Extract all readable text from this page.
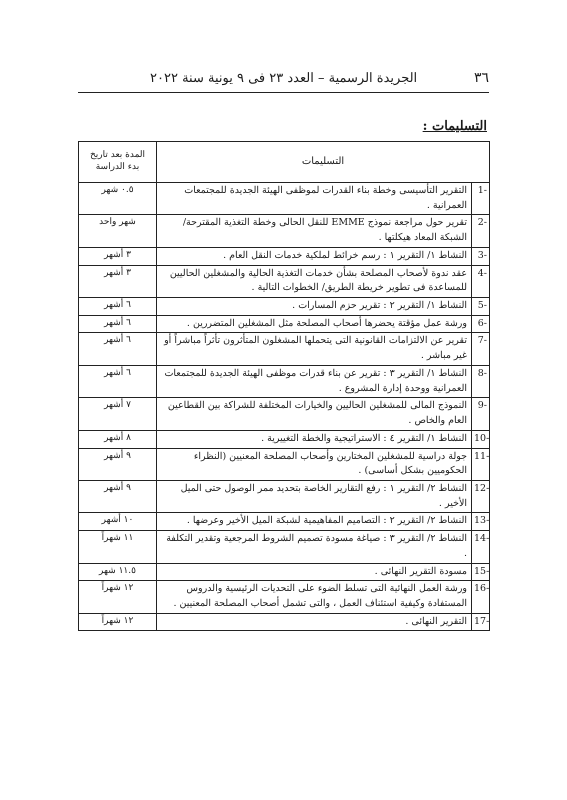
الجريدة الرسمية – العدد ٢٣ فى ٩ يونية سنة ٢٠٢٢	٣٦
التسليمات :
التسليمات		المدة بعد تاريخ بدء الدراسة
1-	التقرير التأسيسى وخطة بناء القدرات لموظفى الهيئة الجديدة للمجتمعات العمرانية .	٠.٥ شهر
2-	تقرير حول مراجعة نموذج EMME للنقل الحالى وخطة التغذية المقترحة/ الشبكة المعاد هيكلتها .	شهر واحد
3-	النشاط ١/ التقرير ١ : رسم خرائط لملكية خدمات النقل العام .	٣ أشهر
4-	عقد ندوة لأصحاب المصلحة بشأن خدمات التغذية الحالية والمشغلين الحاليين للمساعدة فى تطوير خريطة الطريق/ الخطوات التالية .	٣ أشهر
5-	النشاط ١/ التقرير ٢ : تقرير حزم المسارات .	٦ أشهر
6-	ورشة عمل مؤقتة يحضرها أصحاب المصلحة مثل المشغلين المتضررين .	٦ أشهر
7-	تقرير عن الالتزامات القانونية التى يتحملها المشغلون المتأثرون تأثراً مباشراً أو غير مباشر .	٦ أشهر
8-	النشاط ١/ التقرير ٣ : تقرير عن بناء قدرات موظفى الهيئة الجديدة للمجتمعات العمرانية ووحدة إدارة المشروع .	٦ أشهر
9-	النموذج المالى للمشغلين الحاليين والخيارات المختلفة للشراكة بين القطاعين العام والخاص .	٧ أشهر
10-	النشاط ١/ التقرير ٤ : الاستراتيجية والخطة التغييرية .	٨ أشهر
11-	جولة دراسية للمشغلين المختارين وأصحاب المصلحة المعنيين (النظراء الحكوميين بشكل أساسى) .	٩ أشهر
12-	النشاط ٢/ التقرير ١ : رفع التقارير الخاصة بتحديد ممر الوصول حتى الميل الأخير .	٩ أشهر
13-	النشاط ٢/ التقرير ٢ : التصاميم المفاهيمية لشبكة الميل الأخير وعرضها .	١٠ أشهر
14-	النشاط ٢/ التقرير ٣ : صياغة مسودة تصميم الشروط المرجعية وتقدير التكلفة .	١١ شهراً
15-	مسودة التقرير النهائى .	١١.٥ شهر
16-	ورشة العمل النهائية التى تسلط الضوء على التحديات الرئيسية والدروس المستفادة وكيفية استئناف العمل ، والتى تشمل أصحاب المصلحة المعنيين .	١٢ شهراً
17-	التقرير النهائى .	١٢ شهراً
